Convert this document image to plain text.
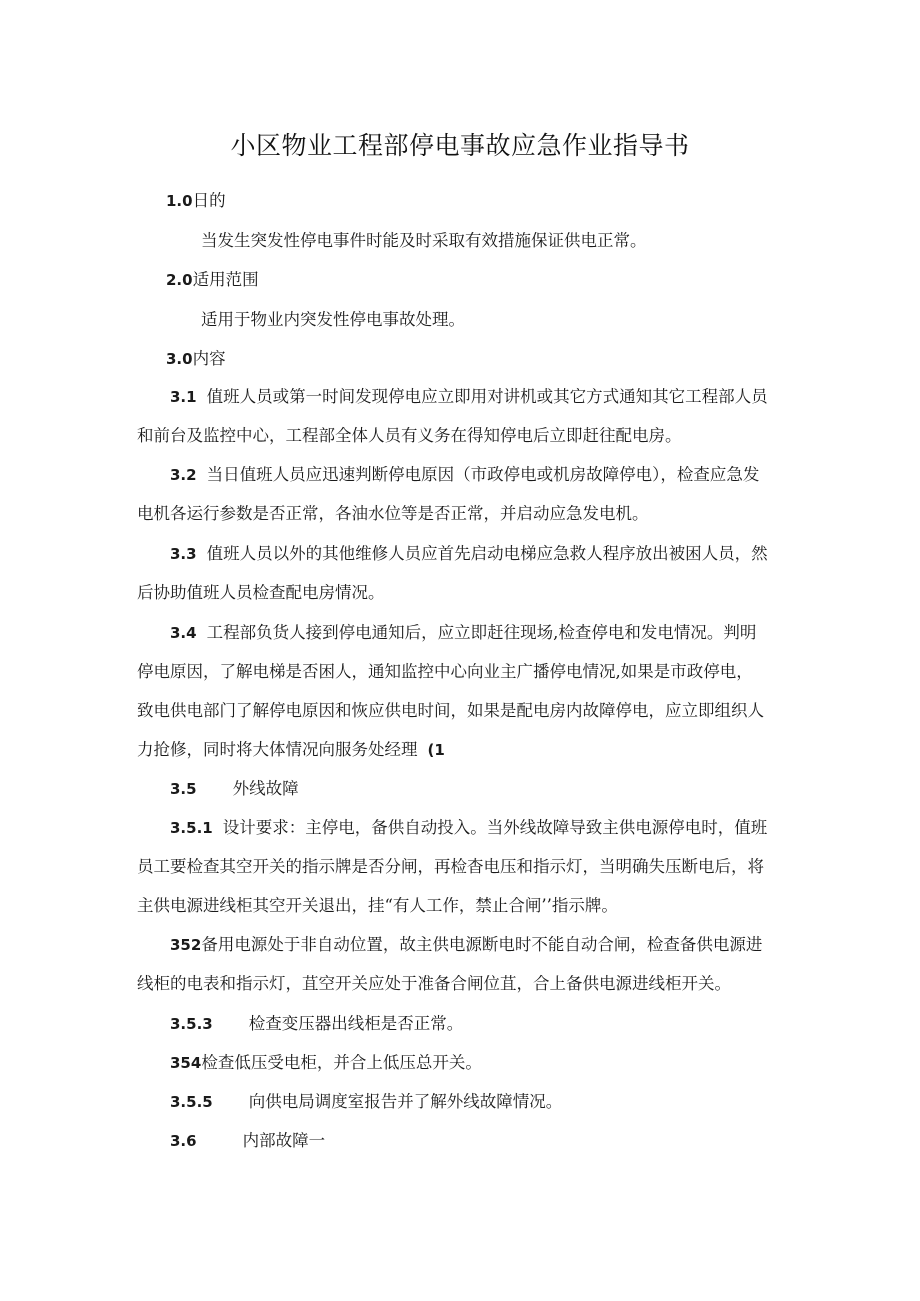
小区物业工程部停电事故应急作业指导书
1.0日的
当发生突发性停电事件时能及时采取有效措施保证供电正常。
2.0适用范围
适用于物业内突发性停电事故处理。
3.0内容
3.1 值班人员或第一时间发现停电应立即用对讲机或其它方式通知其它工程部人员
和前台及监控中心，工程部全体人员有义务在得知停电后立即赶往配电房。
3.2 当日值班人员应迅速判断停电原因（市政停电或机房故障停电），检查应急发
电机各运行参数是否正常，各油水位等是否正常，并启动应急发电机。
3.3 值班人员以外的其他维修人员应首先启动电梯应急救人程序放出被困人员，然
后协助值班人员检查配电房情况。
3.4 工程部负货人接到停电通知后，应立即赶往现场,检查停电和发电情况。判明
停电原因，了解电梯是否困人，通知监控中心向业主广播停电情况,如果是市政停电，
致电供电部门了解停电原因和恢应供电时间，如果是配电房内故障停电，应立即组织人
力抢修，同时将大体情况向服务处经理 (1
3.5 外线故障
3.5.1 设计要求：主停电，备供自动投入。当外线故障导致主供电源停电时，值班
员工要检查其空开关的指示牌是否分闸，再检杳电压和指示灯，当明确失压断电后，将
主供电源进线柜其空开关退出，挂“有人工作，禁止合闸’’指示牌。
352备用电源处于非自动位置，故主供电源断电时不能自动合闸，检查备供电源进
线柜的电表和指示灯，苴空开关应处于准备合闸位苴，合上备供电源进线柜开关。
3.5.3 检查变压器出线柜是否正常。
354检查低压受电柜，并合上低压总开关。
3.5.5 向供电局调度室报告并了解外线故障情况。
3.6	内部故障一
